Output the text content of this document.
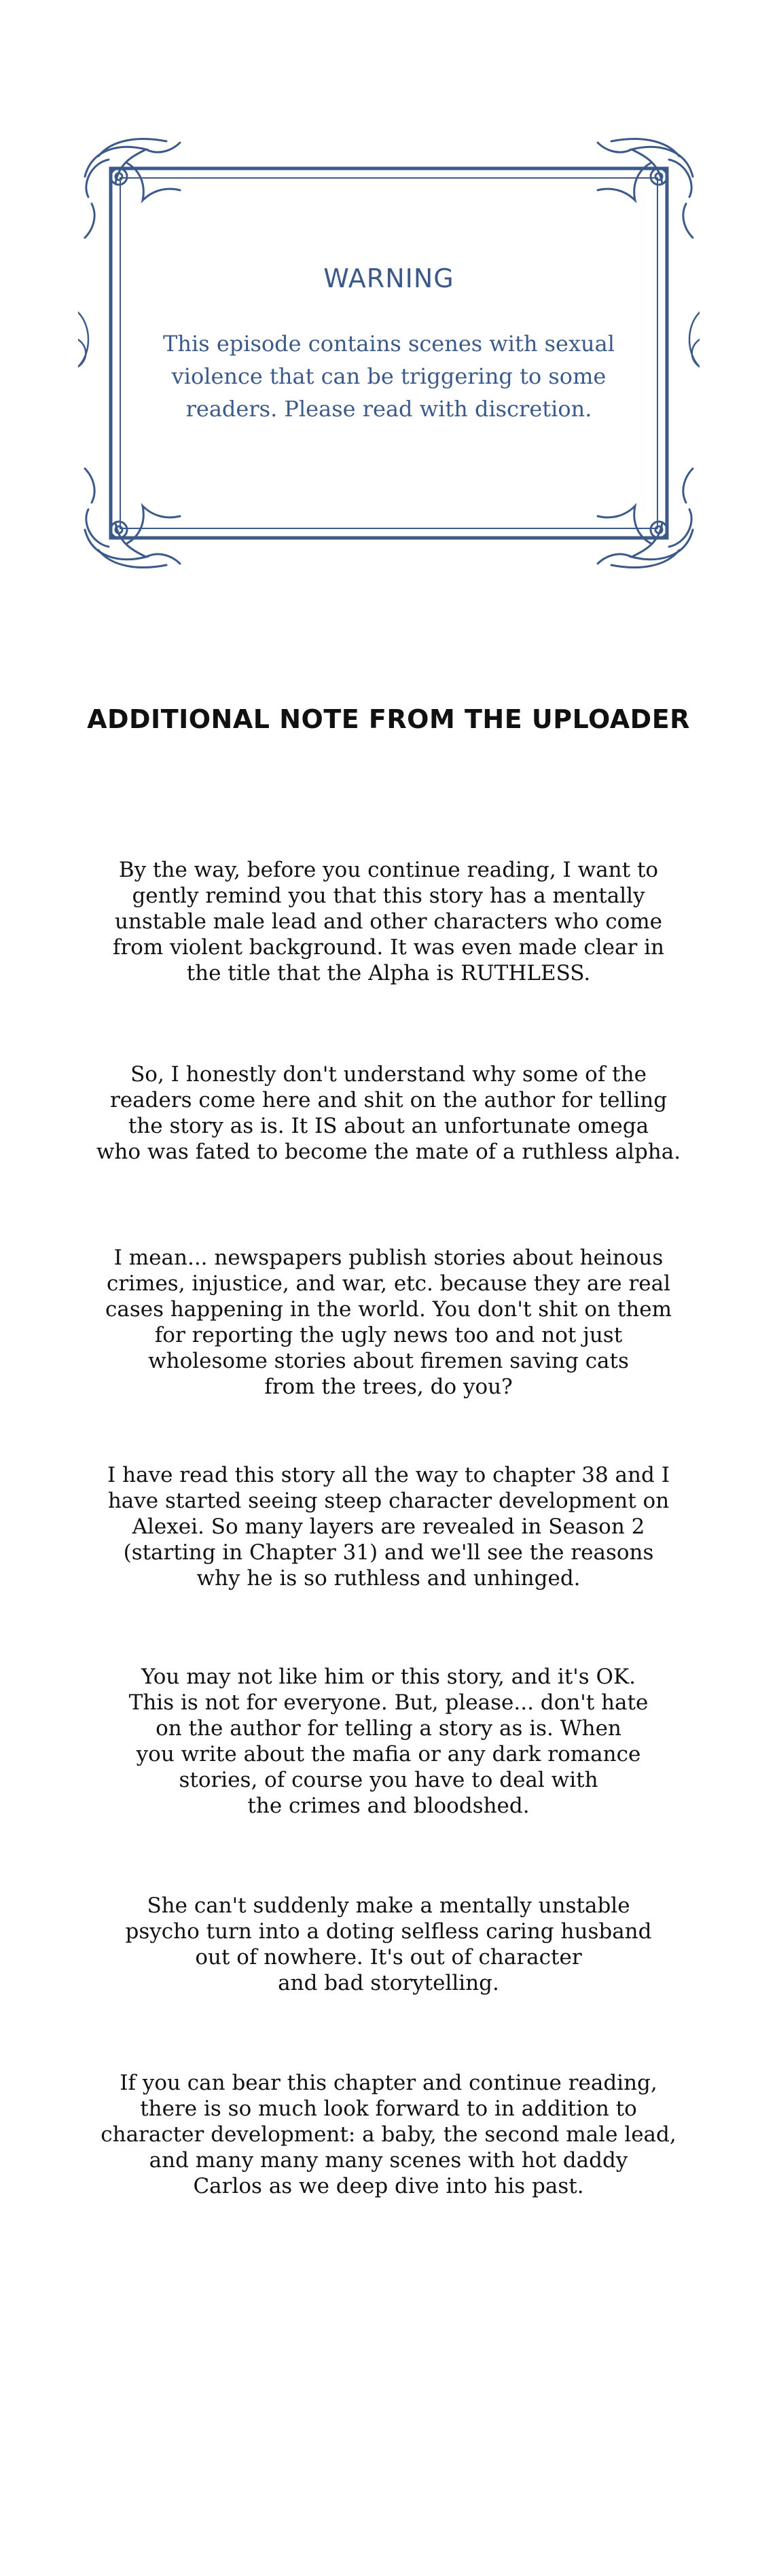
WARNING
This episode contains scenes with sexual violence that can be triggering to some readers. Please read with discretion.
ADDITIONAL NOTE FROM THE UPLOADER
By the way, before you continue reading, I want to
gently remind you that this story has a mentally
unstable male lead and other characters who come
from violent background. It was even made clear in
the title that the Alpha is RUTHLESS.
So, I honestly don't understand why some of the
readers come here and shit on the author for telling
the story as is. It IS about an unfortunate omega
who was fated to become the mate of a ruthless alpha.
I mean... newspapers publish stories about heinous
crimes, injustice, and war, etc. because they are real
cases happening in the world. You don't shit on them
for reporting the ugly news too and not just
wholesome stories about firemen saving cats
from the trees, do you?
I have read this story all the way to chapter 38 and I
have started seeing steep character development on
Alexei. So many layers are revealed in Season 2
(starting in Chapter 31) and we'll see the reasons
why he is so ruthless and unhinged.
You may not like him or this story, and it's OK.
This is not for everyone. But, please... don't hate
on the author for telling a story as is. When
you write about the mafia or any dark romance
stories, of course you have to deal with
the crimes and bloodshed.
She can't suddenly make a mentally unstable
psycho turn into a doting selfless caring husband
out of nowhere. It's out of character
and bad storytelling.
If you can bear this chapter and continue reading,
there is so much look forward to in addition to
character development: a baby, the second male lead,
and many many many scenes with hot daddy
Carlos as we deep dive into his past.
